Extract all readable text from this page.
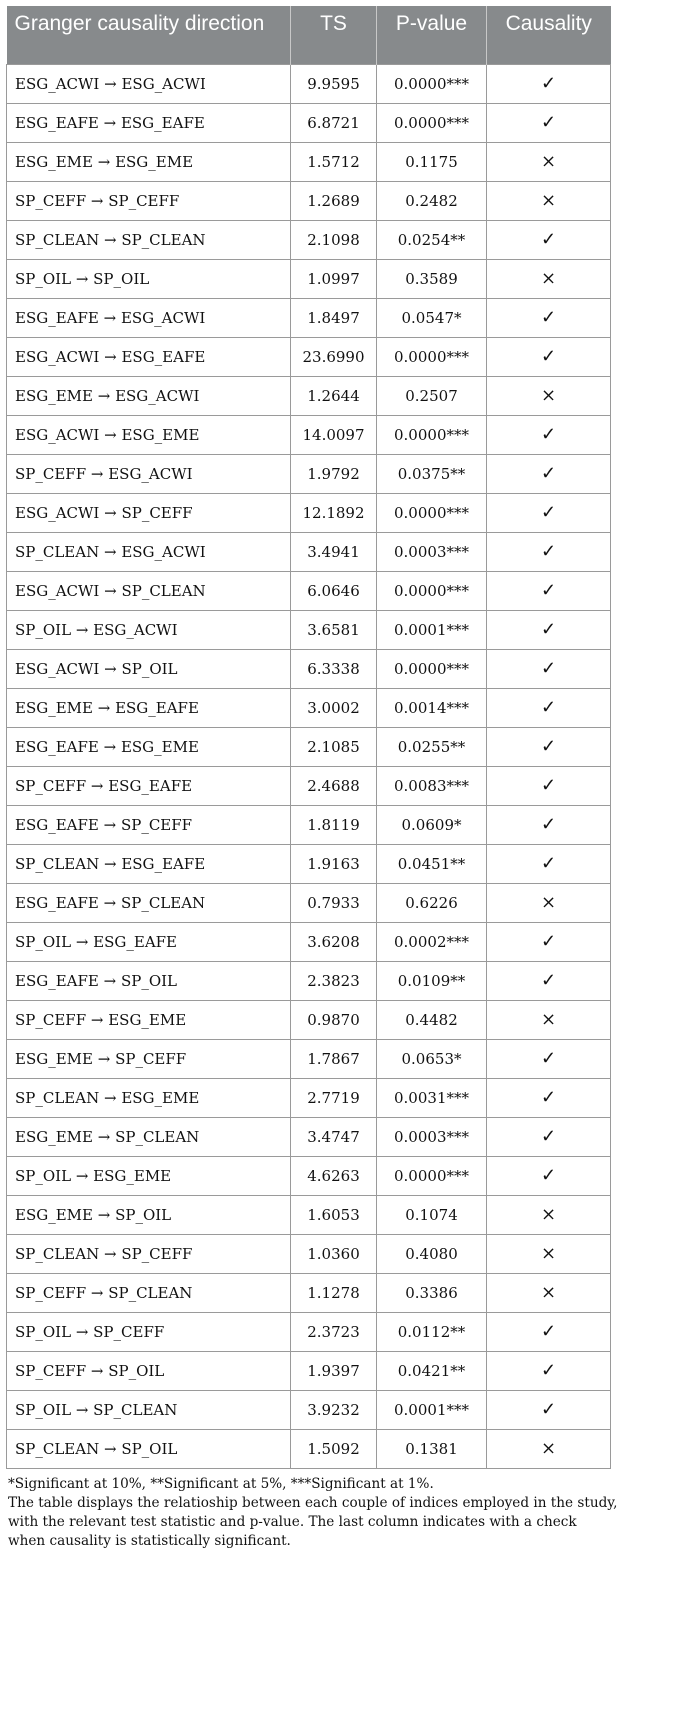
Granger causality direction	TS	P-value	Causality
ESG_ACWI → ESG_ACWI	9.9595	0.0000***	✓
ESG_EAFE → ESG_EAFE	6.8721	0.0000***	✓
ESG_EME → ESG_EME	1.5712	0.1175	×
SP_CEFF → SP_CEFF	1.2689	0.2482	×
SP_CLEAN → SP_CLEAN	2.1098	0.0254**	✓
SP_OIL → SP_OIL	1.0997	0.3589	×
ESG_EAFE → ESG_ACWI	1.8497	0.0547*	✓
ESG_ACWI → ESG_EAFE	23.6990	0.0000***	✓
ESG_EME → ESG_ACWI	1.2644	0.2507	×
ESG_ACWI → ESG_EME	14.0097	0.0000***	✓
SP_CEFF → ESG_ACWI	1.9792	0.0375**	✓
ESG_ACWI → SP_CEFF	12.1892	0.0000***	✓
SP_CLEAN → ESG_ACWI	3.4941	0.0003***	✓
ESG_ACWI → SP_CLEAN	6.0646	0.0000***	✓
SP_OIL → ESG_ACWI	3.6581	0.0001***	✓
ESG_ACWI → SP_OIL	6.3338	0.0000***	✓
ESG_EME → ESG_EAFE	3.0002	0.0014***	✓
ESG_EAFE → ESG_EME	2.1085	0.0255**	✓
SP_CEFF → ESG_EAFE	2.4688	0.0083***	✓
ESG_EAFE → SP_CEFF	1.8119	0.0609*	✓
SP_CLEAN → ESG_EAFE	1.9163	0.0451**	✓
ESG_EAFE → SP_CLEAN	0.7933	0.6226	×
SP_OIL → ESG_EAFE	3.6208	0.0002***	✓
ESG_EAFE → SP_OIL	2.3823	0.0109**	✓
SP_CEFF → ESG_EME	0.9870	0.4482	×
ESG_EME → SP_CEFF	1.7867	0.0653*	✓
SP_CLEAN → ESG_EME	2.7719	0.0031***	✓
ESG_EME → SP_CLEAN	3.4747	0.0003***	✓
SP_OIL → ESG_EME	4.6263	0.0000***	✓
ESG_EME → SP_OIL	1.6053	0.1074	×
SP_CLEAN → SP_CEFF	1.0360	0.4080	×
SP_CEFF → SP_CLEAN	1.1278	0.3386	×
SP_OIL → SP_CEFF	2.3723	0.0112**	✓
SP_CEFF → SP_OIL	1.9397	0.0421**	✓
SP_OIL → SP_CLEAN	3.9232	0.0001***	✓
SP_CLEAN → SP_OIL	1.5092	0.1381	×

*Significant at 10%, **Significant at 5%, ***Significant at 1%.

The table displays the relatioship between each couple of indices employed in the study, with the relevant test statistic and p-value. The last column indicates with a check when causality is statistically significant.
